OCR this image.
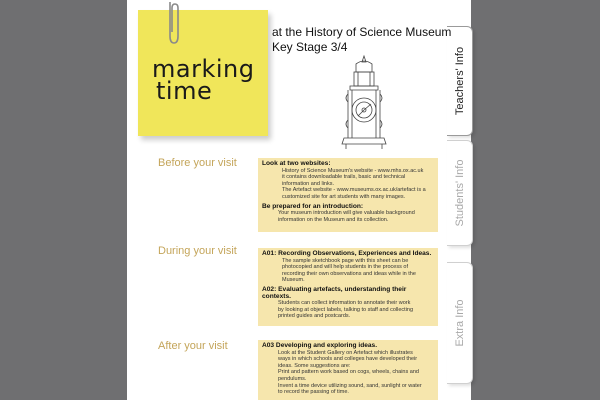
Teachers' Info
Students' Info
Extra Info
marking
time
at the History of Science Museum
Key Stage 3/4
Before your visit
During your visit
After your visit
Look at two websites:
History of Science Museum's website - www.mhs.ox.ac.uk
it contains downloadable trails, basic and technical
information and links.
The Artefact website - www.museums.ox.ac.uk/artefact is a
customized site for art students with many images.
Be prepared for an introduction:
Your museum introduction will give valuable background
information on the Museum and its collection.
A01: Recording Observations, Experiences and Ideas.
The sample sketchbook page with this sheet can be
photocopied and will help students in the process of
recording their own observations and ideas while in the
Museum.
A02: Evaluating artefacts, understanding their contexts.
Students can collect information to annotate their work
by looking at object labels, talking to staff and collecting
printed guides and postcards.
A03 Developing and exploring ideas.
Look at the Student Gallery on Artefact which illustrates
ways in which schools and colleges have developed their
ideas. Some suggestions are:
Print and pattern work based on cogs, wheels, chains and
pendulums.
Invent a time device utilizing sound, sand, sunlight or water
to record the passing of time.
